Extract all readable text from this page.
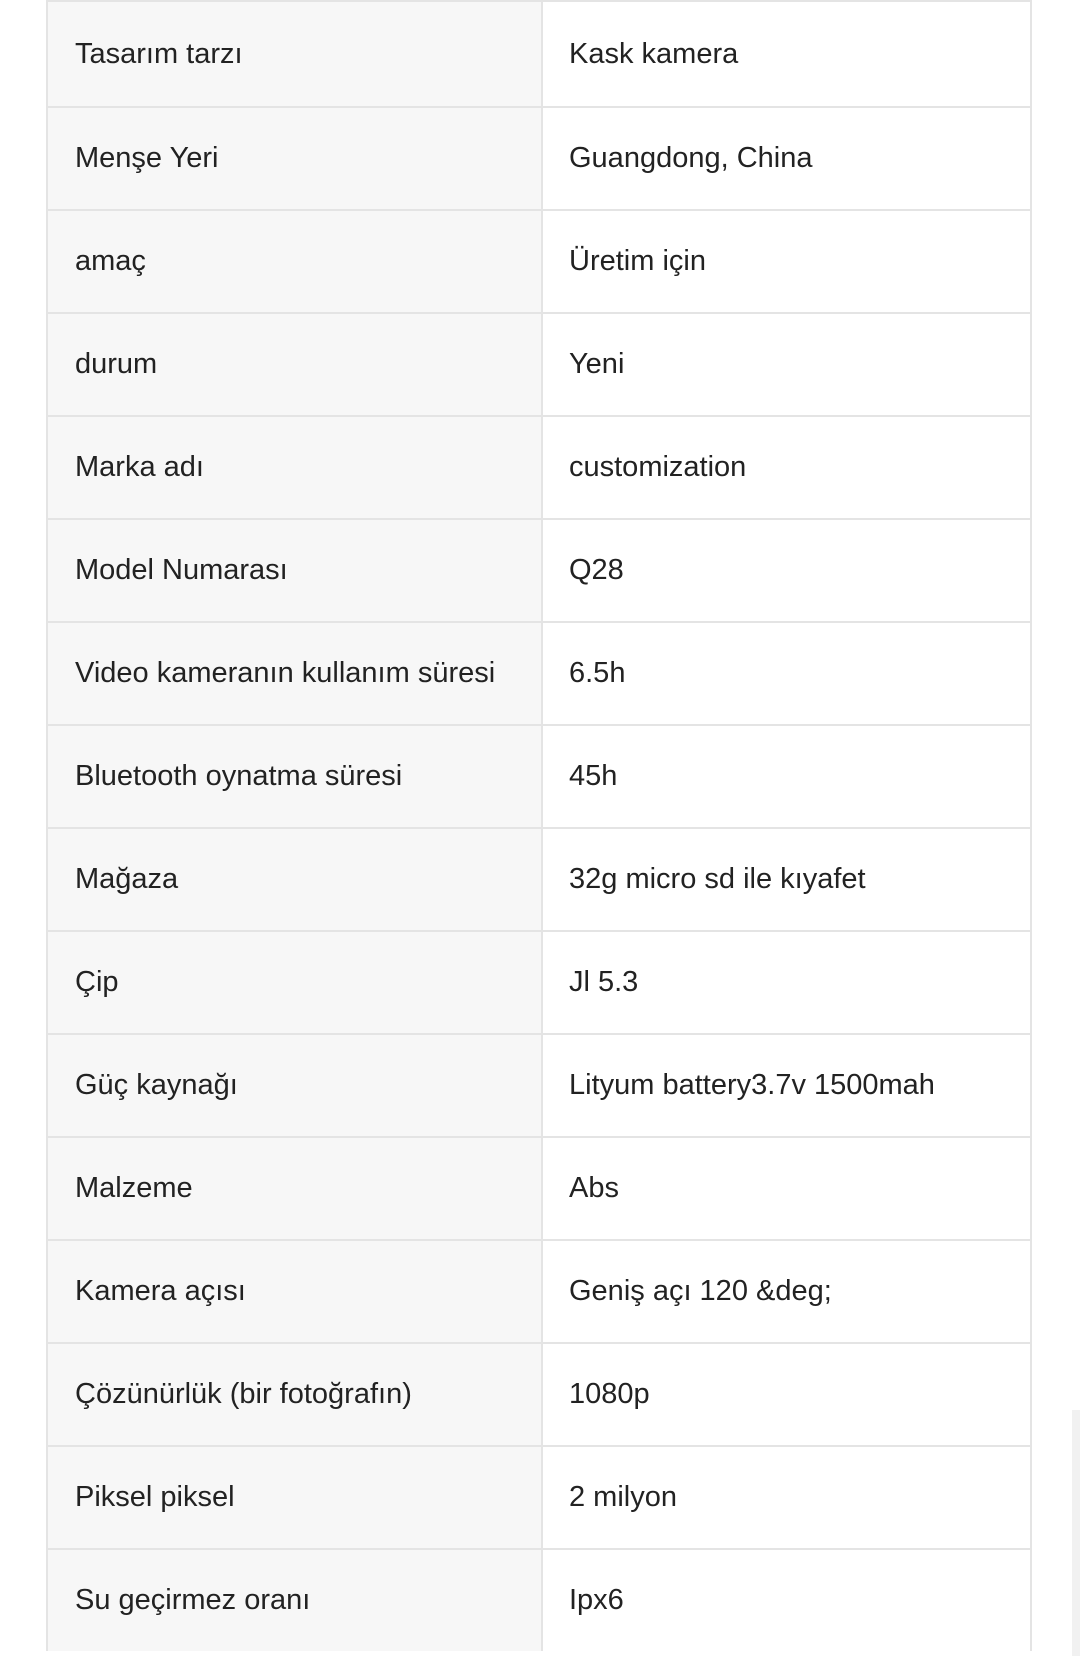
Tasarım tarzı	Kask kamera
Menşe Yeri	Guangdong, China
amaç	Üretim için
durum	Yeni
Marka adı	customization
Model Numarası	Q28
Video kameranın kullanım süresi	6.5h
Bluetooth oynatma süresi	45h
Mağaza	32g micro sd ile kıyafet
Çip	Jl 5.3
Güç kaynağı	Lityum battery3.7v 1500mah
Malzeme	Abs
Kamera açısı	Geniş açı 120 &deg;
Çözünürlük (bir fotoğrafın)	1080p
Piksel piksel	2 milyon
Su geçirmez oranı	Ipx6
